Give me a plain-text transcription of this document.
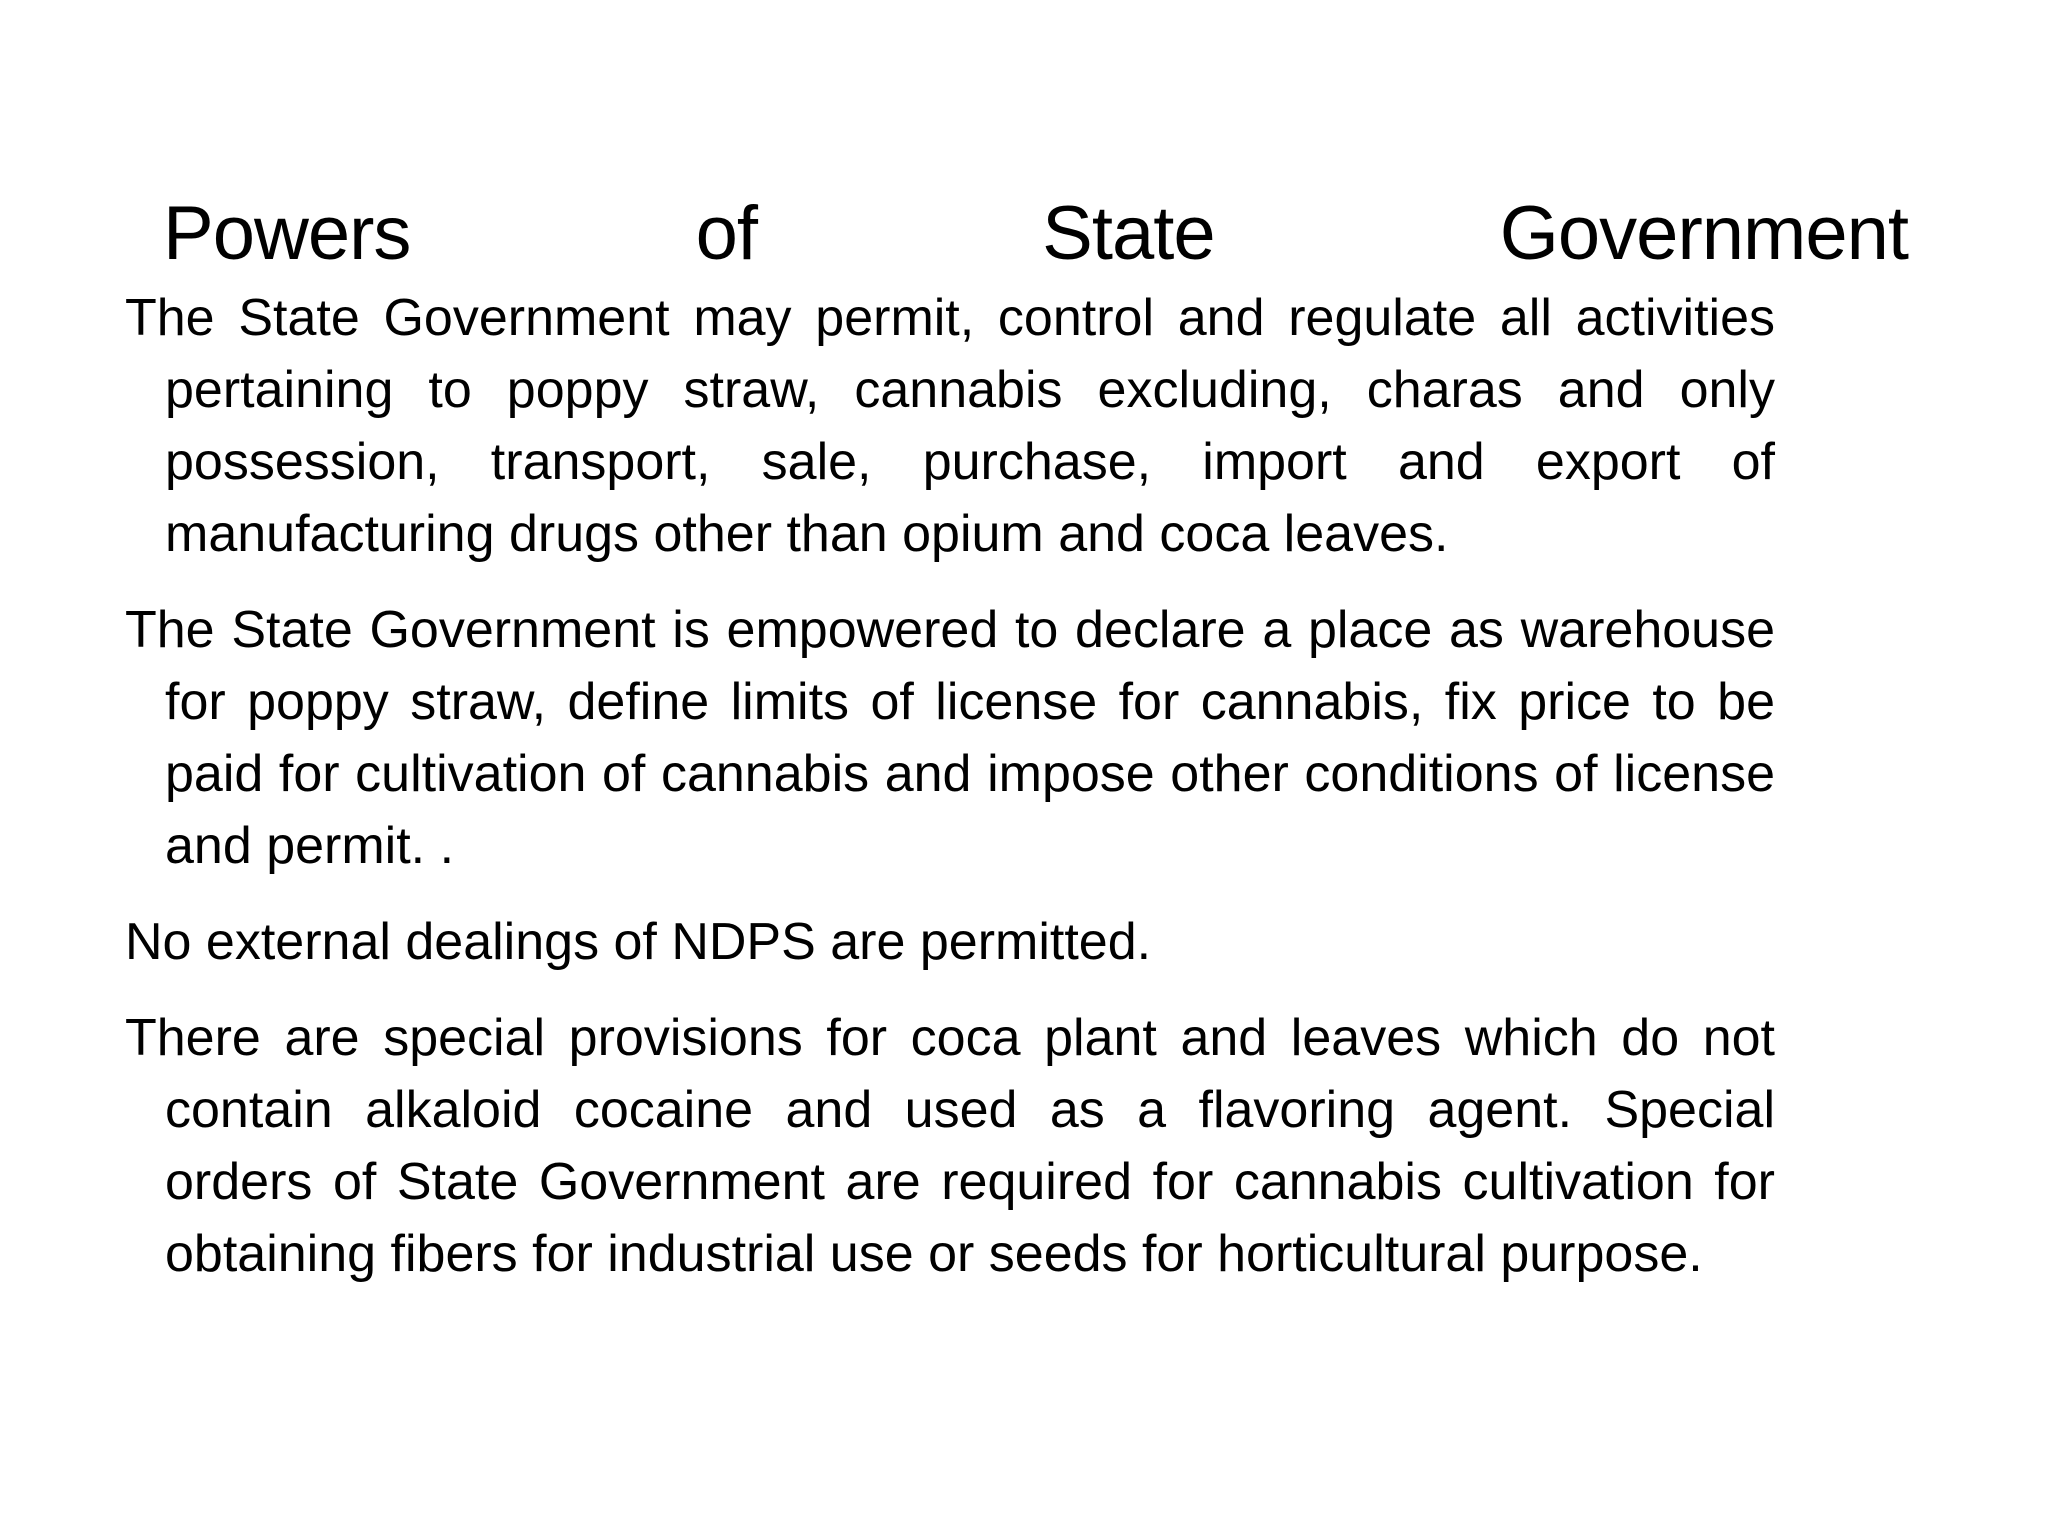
Powers	of	State	Government
The State Government may permit, control and regulate all activities pertaining to poppy straw, cannabis excluding, charas and only possession, transport, sale, purchase, import and export of manufacturing drugs other than opium and coca leaves.
The State Government is empowered to declare a place as warehouse for poppy straw, define limits of license for cannabis, fix price to be paid for cultivation of cannabis and impose other conditions of license and permit. .
No external dealings of NDPS are permitted.
There are special provisions for coca plant and leaves which do not contain alkaloid cocaine and used as a flavoring agent. Special orders of State Government are required for cannabis cultivation for obtaining fibers for industrial use or seeds for horticultural purpose.
